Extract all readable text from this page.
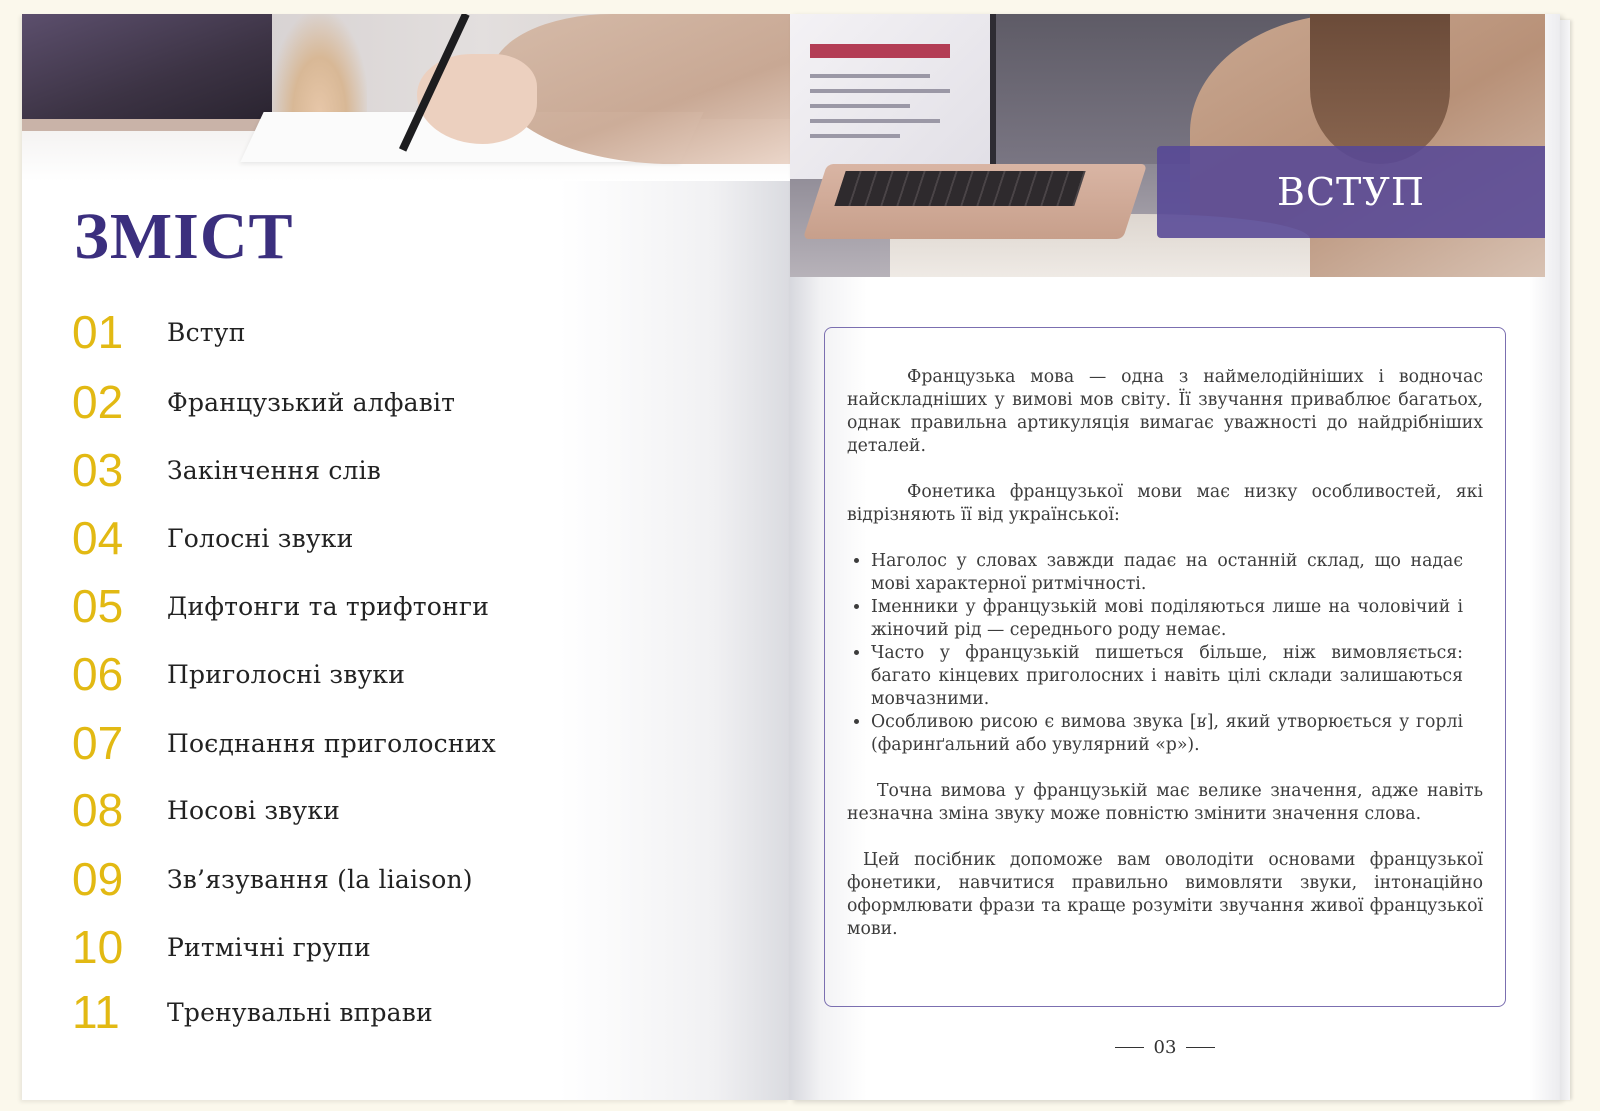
ЗМІСТ
01	Вступ
02	Французький алфавіт
03	Закінчення слів
04	Голосні звуки
05	Дифтонги та трифтонги
06	Приголосні звуки
07	Поєднання приголосних
08	Носові звуки
09	Зв’язування (la liaison)
10	Ритмічні групи
11	Тренувальні вправи
ВСТУП

Французька мова — одна з наймелодійніших і водночас найскладніших у вимові мов світу. Її звучання приваблює багатьох, однак правильна артикуляція вимагає уважності до найдрібніших деталей.

Фонетика французької мови має низку особливостей, які відрізняють її від української:

• Наголос у словах завжди падає на останній склад, що надає мові характерної ритмічності.
• Іменники у французькій мові поділяються лише на чоловічий і жіночий рід — середнього роду немає.
• Часто у французькій пишеться більше, ніж вимовляється: багато кінцевих приголосних і навіть цілі склади залишаються мовчазними.
• Особливою рисою є вимова звука [ʁ], який утворюється у горлі (фаринґальний або увулярний «р»).

Точна вимова у французькій має велике значення, адже навіть незначна зміна звуку може повністю змінити значення слова.

Цей посібник допоможе вам оволодіти основами французької фонетики, навчитися правильно вимовляти звуки, інтонаційно оформлювати фрази та краще розуміти звучання живої французької мови.

03
